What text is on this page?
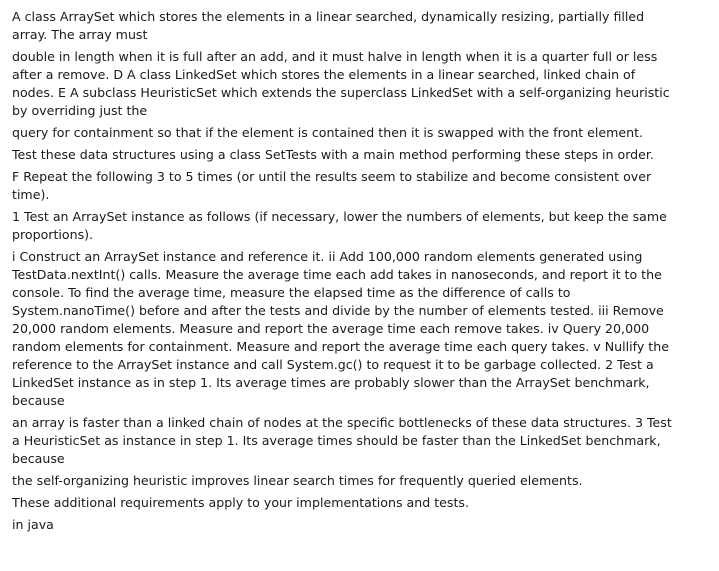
A class ArraySet which stores the elements in a linear searched, dynamically resizing, partially filled array. The array must

double in length when it is full after an add, and it must halve in length when it is a quarter full or less after a remove. D A class LinkedSet which stores the elements in a linear searched, linked chain of nodes. E A subclass HeuristicSet which extends the superclass LinkedSet with a self-organizing heuristic by overriding just the

query for containment so that if the element is contained then it is swapped with the front element.

Test these data structures using a class SetTests with a main method performing these steps in order.

F Repeat the following 3 to 5 times (or until the results seem to stabilize and become consistent over time).

1 Test an ArraySet instance as follows (if necessary, lower the numbers of elements, but keep the same proportions).

i Construct an ArraySet instance and reference it. ii Add 100,000 random elements generated using TestData.nextInt() calls. Measure the average time each add takes in nanoseconds, and report it to the console. To find the average time, measure the elapsed time as the difference of calls to System.nanoTime() before and after the tests and divide by the number of elements tested. iii Remove 20,000 random elements. Measure and report the average time each remove takes. iv Query 20,000 random elements for containment. Measure and report the average time each query takes. v Nullify the reference to the ArraySet instance and call System.gc() to request it to be garbage collected. 2 Test a LinkedSet instance as in step 1. Its average times are probably slower than the ArraySet benchmark, because

an array is faster than a linked chain of nodes at the specific bottlenecks of these data structures. 3 Test a HeuristicSet as instance in step 1. Its average times should be faster than the LinkedSet benchmark, because

the self-organizing heuristic improves linear search times for frequently queried elements.

These additional requirements apply to your implementations and tests.

in java
